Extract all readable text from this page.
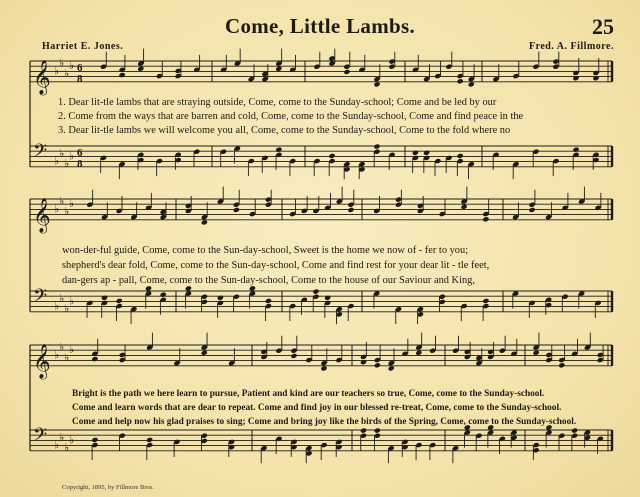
Come, Little Lambs.	25
Harriet E. Jones.	Fred. A. Fillmore.
𝄞 ♭
♭
♭
♭ 6
8
𝄢 ♭
♭
♭
♭ 6
8
𝄞 ♭
♭
♭
♭
𝄢 ♭
♭
♭
♭
𝄞 ♭
♭
♭
♭
𝄢 ♭
♭
♭
♭
1. Dear lit-tle lambs that are straying outside, Come, come to the Sunday-school; Come and be led by our
2. Come from the ways that are barren and cold, Come, come to the Sunday-school, Come and find peace in the
3. Dear lit-tle lambs we will welcome you all, Come, come to the Sunday-school, Come to the fold where no
won-der-ful guide, Come, come to the Sun-day-school, Sweet is the home we now of - fer to you;
shepherd's dear fold, Come, come to the Sun-day-school, Come and find rest for your dear lit - tle feet,
dan-gers ap - pall, Come, come to the Sun-day-school, Come to the house of our Saviour and King,
Bright is the path we here learn to pursue, Patient and kind are our teachers so true, Come, come to the Sunday-school.
Come and learn words that are dear to repeat. Come and find joy in our blessed re-treat, Come, come to the Sunday-school.
Come and help now his glad praises to sing; Come and bring joy like the birds of the Spring, Come, come to the Sunday-school.
Copyright, 1895, by Fillmore Bros.
